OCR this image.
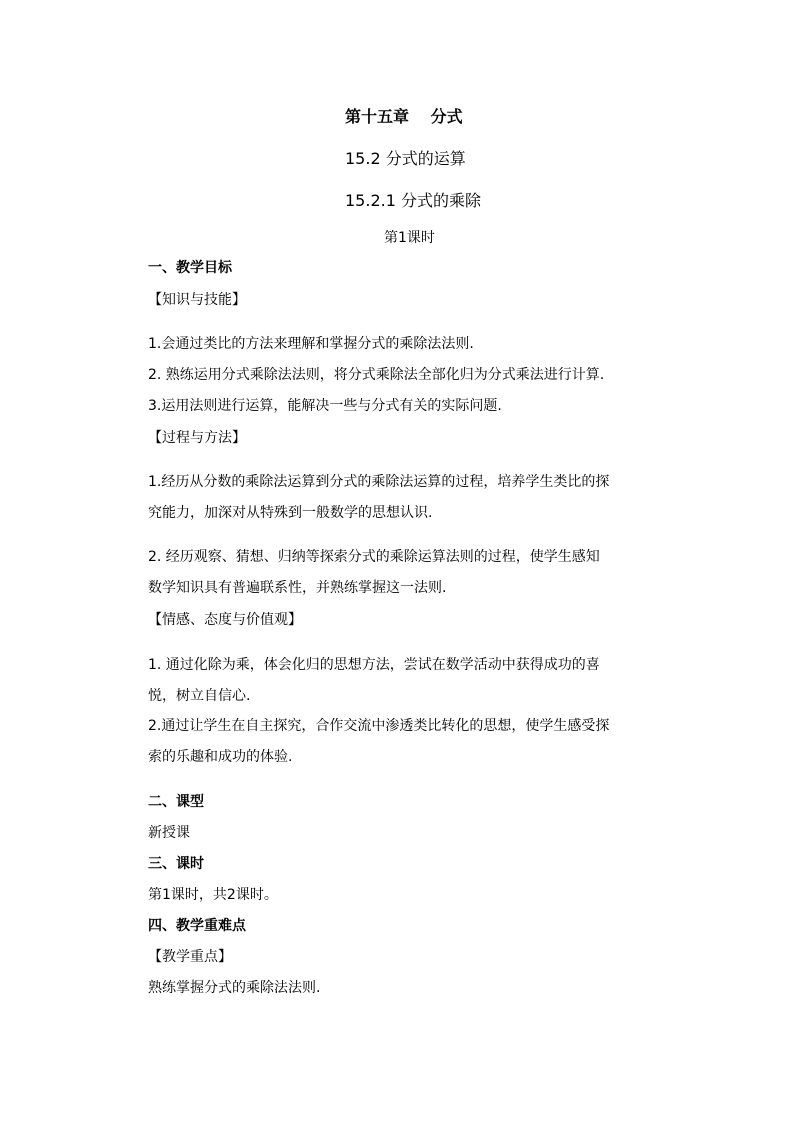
第十五章　 分式
15.2 分式的运算
15.2.1 分式的乘除
第1课时
一、教学目标
【知识与技能】
1.会通过类比的方法来理解和掌握分式的乘除法法则.
2. 熟练运用分式乘除法法则，将分式乘除法全部化归为分式乘法进行计算.
3.运用法则进行运算，能解决一些与分式有关的实际问题.
【过程与方法】
1.经历从分数的乘除法运算到分式的乘除法运算的过程，培养学生类比的探
究能力，加深对从特殊到一般数学的思想认识.
2. 经历观察、猜想、归纳等探索分式的乘除运算法则的过程，使学生感知
数学知识具有普遍联系性，并熟练掌握这一法则.
【情感、态度与价值观】
1. 通过化除为乘，体会化归的思想方法，尝试在数学活动中获得成功的喜
悦，树立自信心.
2.通过让学生在自主探究，合作交流中渗透类比转化的思想，使学生感受探
索的乐趣和成功的体验.
二、课型
新授课
三、课时
第1课时，共2课时。
四、教学重难点
【教学重点】
熟练掌握分式的乘除法法则.
